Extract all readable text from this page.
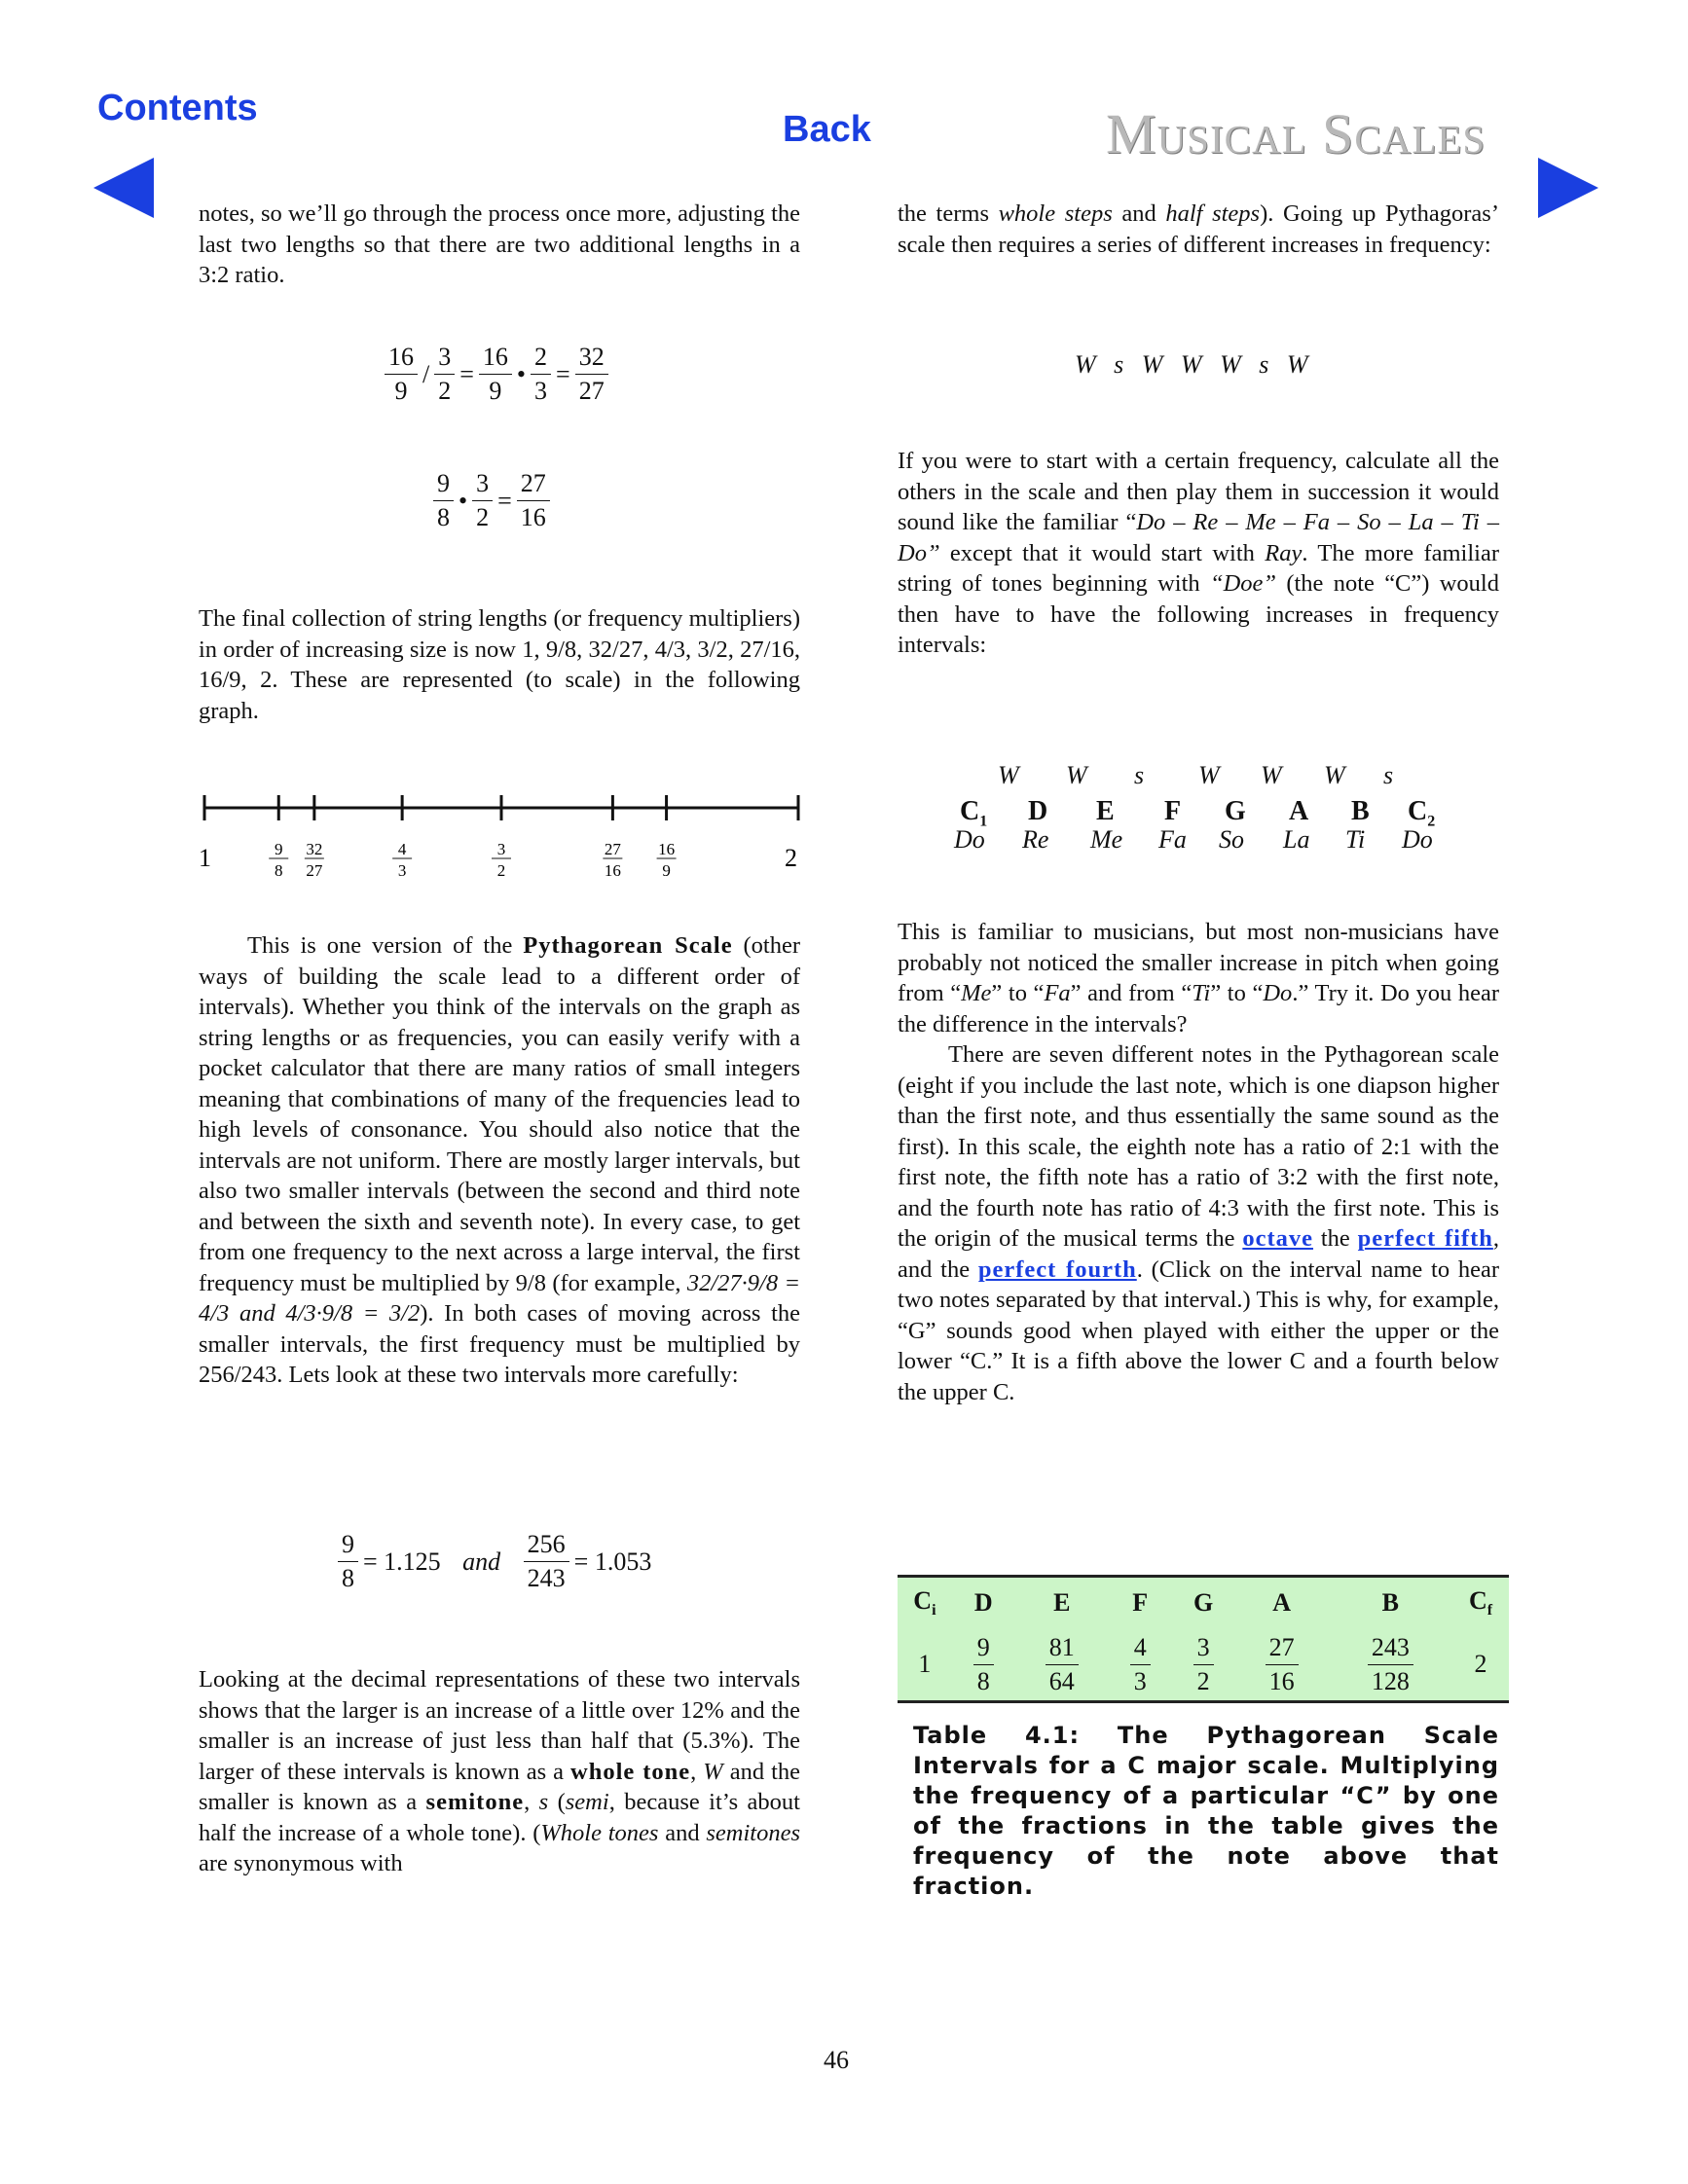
Contents
Back	Musical Scales

notes, so we’ll go through the process once more, adjusting the last two lengths so that there are two additional lengths in a 3:2 ratio.

$\frac{16}{9} / \frac{3}{2} = \frac{16}{9}$ • $\frac{2}{3} = \frac{32}{27}$
$\frac{9}{8}$ • $\frac{3}{2} = \frac{27}{16}$

The final collection of string lengths (or frequency multipliers) in order of increasing size is now 1, 9/8, 32/27, 4/3, 3/2, 27/16, 16/9, 2. These are represented (to scale) in the following graph.

1	2
9
8
32
27
4
3
3
2
27
16
16
9

This is one version of the Pythagorean Scale (other ways of building the scale lead to a different order of intervals). Whether you think of the intervals on the graph as string lengths or as frequencies, you can easily verify with a pocket calculator that there are many ratios of small integers meaning that combinations of many of the frequencies lead to high levels of consonance. You should also notice that the intervals are not uniform. There are mostly larger intervals, but also two smaller intervals (between the second and third note and between the sixth and seventh note). In every case, to get from one frequency to the next across a large interval, the first frequency must be multiplied by 9/8 (for example, 32/27·9/8 = 4/3 and 4/3·9/8 = 3/2). In both cases of moving across the smaller intervals, the first frequency must be multiplied by 256/243. Lets look at these two intervals more carefully:

$\frac{9}{8} = 1.125$ and $\frac{256}{243} = 1.053$

Looking at the decimal representations of these two intervals shows that the larger is an increase of a little over 12% and the smaller is an increase of just less than half that (5.3%). The larger of these intervals is known as a whole tone, W and the smaller is known as a semitone, s (semi, because it’s about half the increase of a whole tone). (Whole tones and semitones are synonymous with

the terms whole steps and half steps). Going up Pythagoras’ scale then requires a series of different increases in frequency:

W s W W W s W

If you were to start with a certain frequency, calculate all the others in the scale and then play them in succession it would sound like the familiar “Do – Re – Me – Fa – So – La – Ti – Do” except that it would start with Ray. The more familiar string of tones beginning with “Doe” (the note “C”) would then have to have the following increases in frequency intervals:

This is familiar to musicians, but most non-musicians have probably not noticed the smaller increase in pitch when going from “Me” to “Fa” and from “Ti” to “Do.” Try it. Do you hear the difference in the intervals?

There are seven different notes in the Pythagorean scale (eight if you include the last note, which is one diapson higher than the first note, and thus essentially the same sound as the first). In this scale, the eighth note has a ratio of 2:1 with the first note, the fifth note has a ratio of 3:2 with the first note, and the fourth note has ratio of 4:3 with the first note. This is the origin of the musical terms the octave the perfect fifth, and the perfect fourth. (Click on the interval name to hear two notes separated by that interval.) This is why, for example, “G” sounds good when played with either the upper or the lower “C.” It is a fifth above the lower C and a fourth below the upper C.

$C_i$	D	E	F	G	A	B	$C_f$
1	$\frac{9}{8}$	$\frac{81}{64}$	$\frac{4}{3}$	$\frac{3}{2}$	$\frac{27}{16}$	$\frac{243}{128}$	2
Table 4.1: The Pythagorean Scale Intervals for a C major scale. Multiplying the frequency of a particular “C” by one of the fractions in the table gives the frequency of the note above that fraction.
46
W W s W W W s
$C_1$ D E F G A B $C_2$
Do Re Me Fa So La Ti Do
